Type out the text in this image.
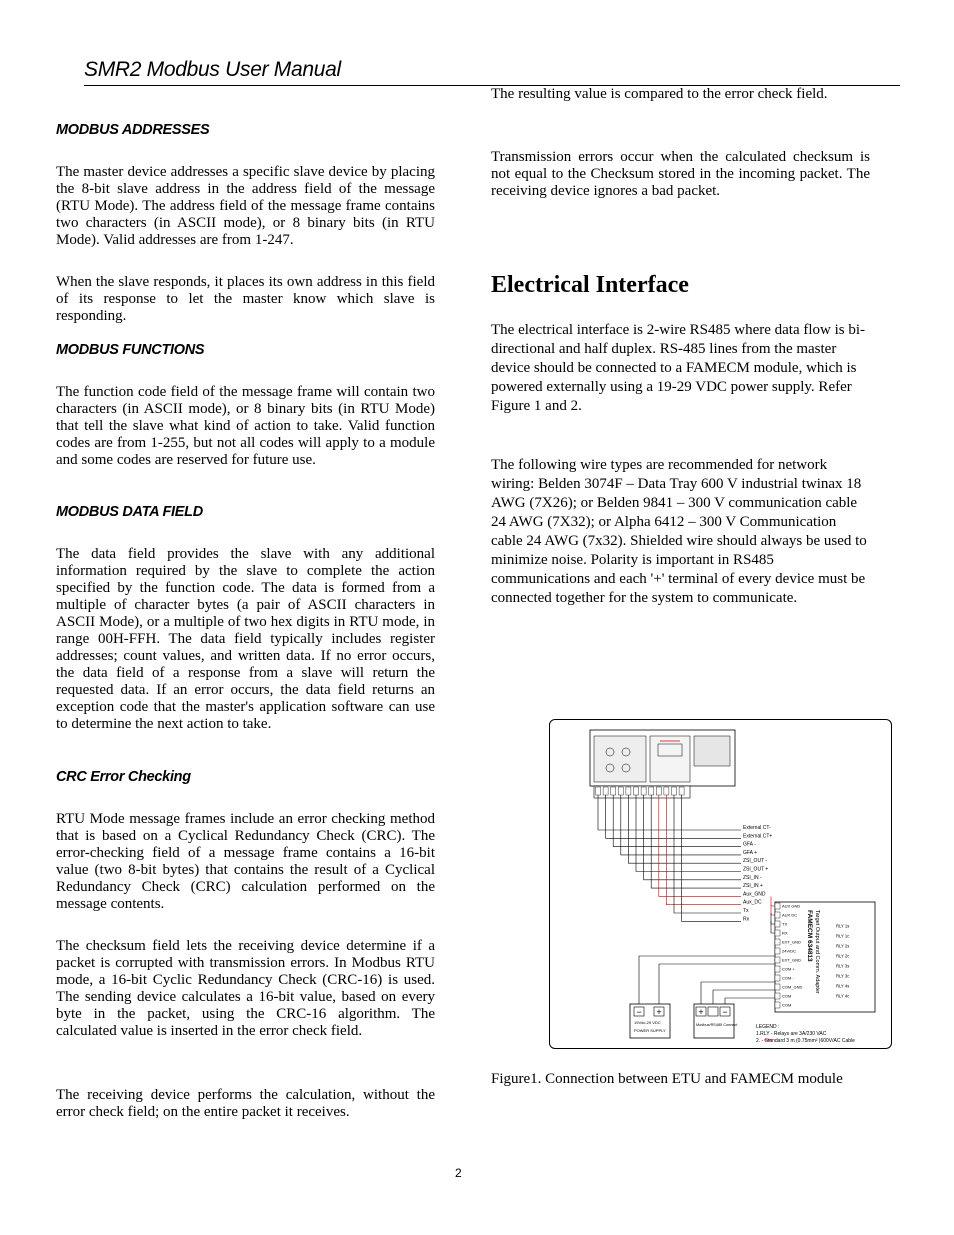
SMR2 Modbus User Manual
MODBUS ADDRESSES

The master device addresses a specific slave device by placing the 8-bit slave address in the address field of the message (RTU Mode). The address field of the message frame contains two characters (in ASCII mode), or 8 binary bits (in RTU Mode). Valid addresses are from 1-247.

When the slave responds, it places its own address in this field of its response to let the master know which slave is responding.

MODBUS FUNCTIONS

The function code field of the message frame will contain two characters (in ASCII mode), or 8 binary bits (in RTU Mode) that tell the slave what kind of action to take. Valid function codes are from 1-255, but not all codes will apply to a module and some codes are reserved for future use.

MODBUS DATA FIELD

The data field provides the slave with any additional information required by the slave to complete the action specified by the function code. The data is formed from a multiple of character bytes (a pair of ASCII characters in ASCII Mode), or a multiple of two hex digits in RTU mode, in range 00H-FFH. The data field typically includes register addresses; count values, and written data. If no error occurs, the data field of a response from a slave will return the requested data. If an error occurs, the data field returns an exception code that the master's application software can use to determine the next action to take.

CRC Error Checking

RTU Mode message frames include an error checking method that is based on a Cyclical Redundancy Check (CRC). The error-checking field of a message frame contains a 16-bit value (two 8-bit bytes) that contains the result of a Cyclical Redundancy Check (CRC) calculation performed on the message contents.

The checksum field lets the receiving device determine if a packet is corrupted with transmission errors. In Modbus RTU mode, a 16-bit Cyclic Redundancy Check (CRC-16) is used. The sending device calculates a 16-bit value, based on every byte in the packet, using the CRC-16 algorithm. The calculated value is inserted in the error check field.

The receiving device performs the calculation, without the error check field; on the entire packet it receives.

The resulting value is compared to the error check field.

Transmission errors occur when the calculated checksum is not equal to the Checksum stored in the incoming packet. The receiving device ignores a bad packet.

Electrical Interface

The electrical interface is 2-wire RS485 where data flow is bi-directional and half duplex. RS-485 lines from the master device should be connected to a FAMECM module, which is powered externally using a 19-29 VDC power supply. Refer Figure 1 and 2.

The following wire types are recommended for network wiring: Belden 3074F – Data Tray 600 V industrial twinax 18 AWG (7X26); or Belden 9841 – 300 V communication cable 24 AWG (7X32); or Alpha 6412 – 300 V Communication cable 24 AWG (7x32). Shielded wire should always be used to minimize noise. Polarity is important in RS485 communications and each '+' terminal of every device must be connected together for the system to communicate.

External CT-
External CT+
GFA -
GFA +
ZSI_OUT -
ZSI_OUT +
ZSI_IN -
ZSI_IN +
Aux_GND
Aux_DC
Tx
Rx
AUX GND
AUX DC
TX
RX
EXT_GND
24V/DC
EXT_GND
COM +
COM -
COM_GND
COM
COM
RLY 1s
RLY 1c
RLY 2s
RLY 2c
RLY 3s
RLY 3c
RLY 4s
RLY 4c
FAMECM 634813 Target Output and Comm. Adapter
− +
19Vdc-29 VDC
POWER SUPPLY
+ −
Modbus/RS485 Connect	LEGEND :
1.RLY - Relays are 3A/230 VAC
2. - Standard 3 m (0.75mm² )600V/AC Cable
Figure1. Connection between ETU and FAMECM module
2
